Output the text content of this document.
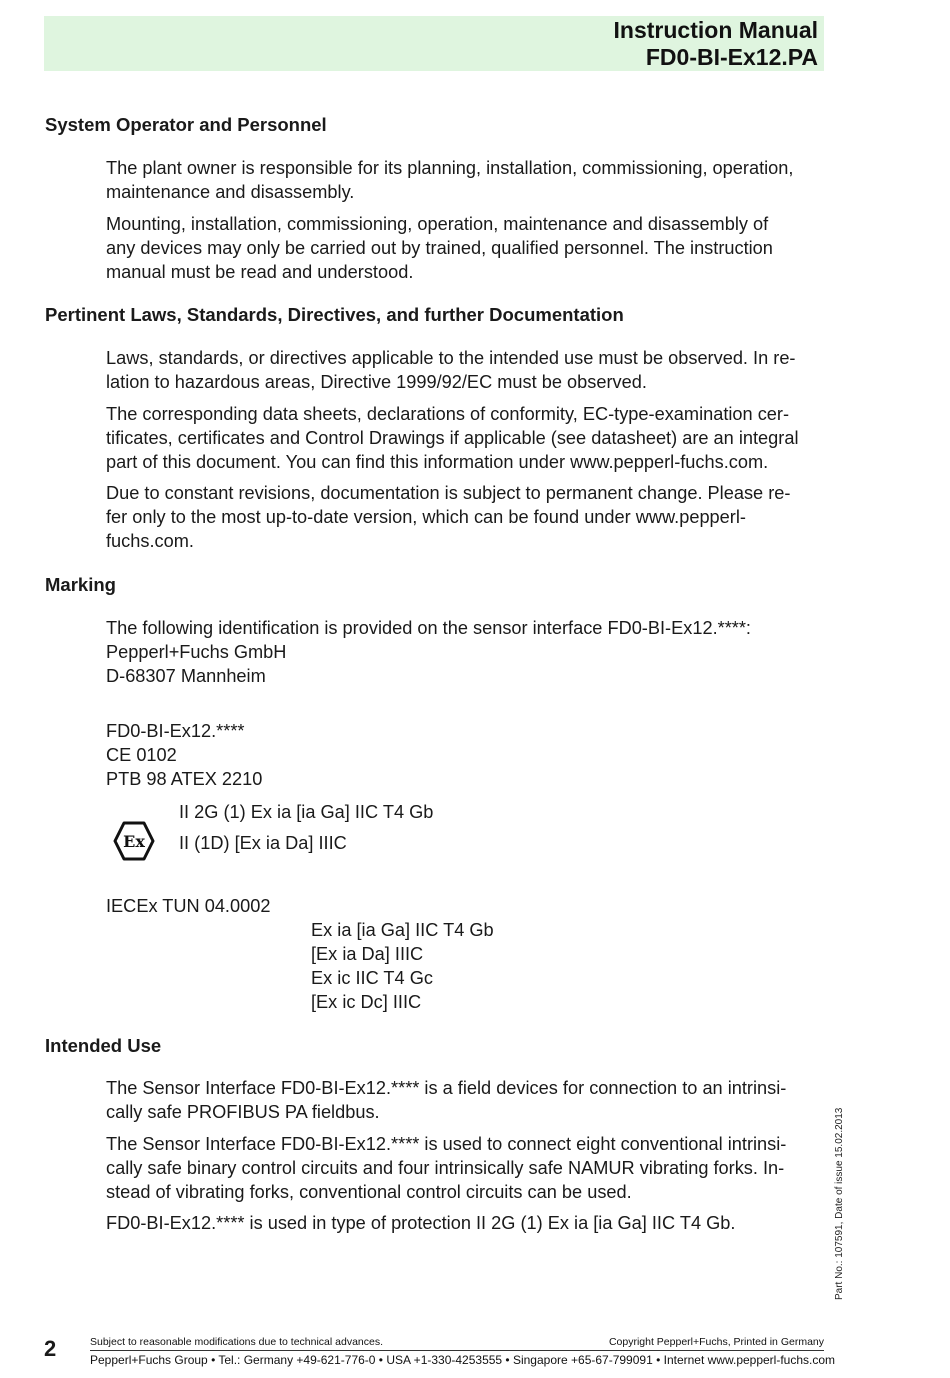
Instruction Manual
FD0-BI-Ex12.PA
System Operator and Personnel
The plant owner is responsible for its planning, installation, commissioning, operation,
maintenance and disassembly.
Mounting, installation, commissioning, operation, maintenance and disassembly of
any devices may only be carried out by trained, qualified personnel. The instruction
manual must be read and understood.
Pertinent Laws, Standards, Directives, and further Documentation
Laws, standards, or directives applicable to the intended use must be observed. In re-
lation to hazardous areas, Directive 1999/92/EC must be observed.
The corresponding data sheets, declarations of conformity, EC-type-examination cer-
tificates, certificates and Control Drawings if applicable (see datasheet) are an integral
part of this document. You can find this information under www.pepperl-fuchs.com.
Due to constant revisions, documentation is subject to permanent change. Please re-
fer only to the most up-to-date version, which can be found under www.pepperl-
fuchs.com.
Marking
The following identification is provided on the sensor interface FD0-BI-Ex12.****:
Pepperl+Fuchs GmbH
D-68307 Mannheim
FD0-BI-Ex12.****
CE 0102
PTB 98 ATEX 2210
II 2G (1) Ex ia [ia Ga] IIC T4 Gb
II (1D) [Ex ia Da] IIIC
Ex
IECEx TUN 04.0002
Ex ia [ia Ga] IIC T4 Gb
[Ex ia Da] IIIC
Ex ic IIC T4 Gc
[Ex ic Dc] IIIC
Intended Use
The Sensor Interface FD0-BI-Ex12.**** is a field devices for connection to an intrinsi-
cally safe PROFIBUS PA fieldbus.
The Sensor Interface FD0-BI-Ex12.**** is used to connect eight conventional intrinsi-
cally safe binary control circuits and four intrinsically safe NAMUR vibrating forks. In-
stead of vibrating forks, conventional control circuits can be used.
FD0-BI-Ex12.**** is used in type of protection II 2G (1) Ex ia [ia Ga] IIC T4 Gb.	Part No.: 107591, Date of issue 15.02.2013
2	Subject to reasonable modifications due to technical advances.	Copyright Pepperl+Fuchs, Printed in Germany
Pepperl+Fuchs Group • Tel.: Germany +49-621-776-0 • USA +1-330-4253555 • Singapore +65-67-799091 • Internet www.pepperl-fuchs.com
